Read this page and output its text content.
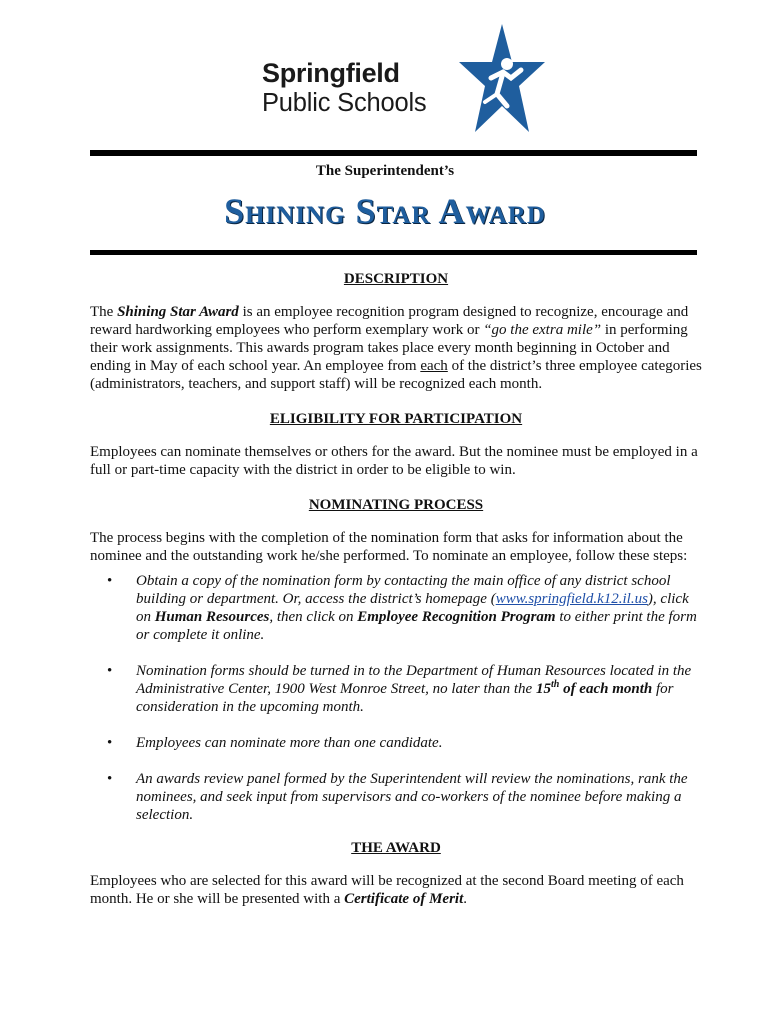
Springfield
Public Schools
The Superintendent’s
Shining Star Award
DESCRIPTION

The Shining Star Award is an employee recognition program designed to recognize, encourage and reward hardworking employees who perform exemplary work or “go the extra mile” in performing their work assignments. This awards program takes place every month beginning in October and ending in May of each school year. An employee from each of the district’s three employee categories (administrators, teachers, and support staff) will be recognized each month.

ELIGIBILITY FOR PARTICIPATION

Employees can nominate themselves or others for the award. But the nominee must be employed in a full or part-time capacity with the district in order to be eligible to win.

NOMINATING PROCESS

The process begins with the completion of the nomination form that asks for information about the nominee and the outstanding work he/she performed. To nominate an employee, follow these steps:

• Obtain a copy of the nomination form by contacting the main office of any district school building or department. Or, access the district’s homepage (www.springfield.k12.il.us), click on Human Resources, then click on Employee Recognition Program to either print the form or complete it online.
• Nomination forms should be turned in to the Department of Human Resources located in the Administrative Center, 1900 West Monroe Street, no later than the 15th of each month for consideration in the upcoming month.
• Employees can nominate more than one candidate.
• An awards review panel formed by the Superintendent will review the nominations, rank the nominees, and seek input from supervisors and co-workers of the nominee before making a selection.
THE AWARD

Employees who are selected for this award will be recognized at the second Board meeting of each month. He or she will be presented with a Certificate of Merit.
